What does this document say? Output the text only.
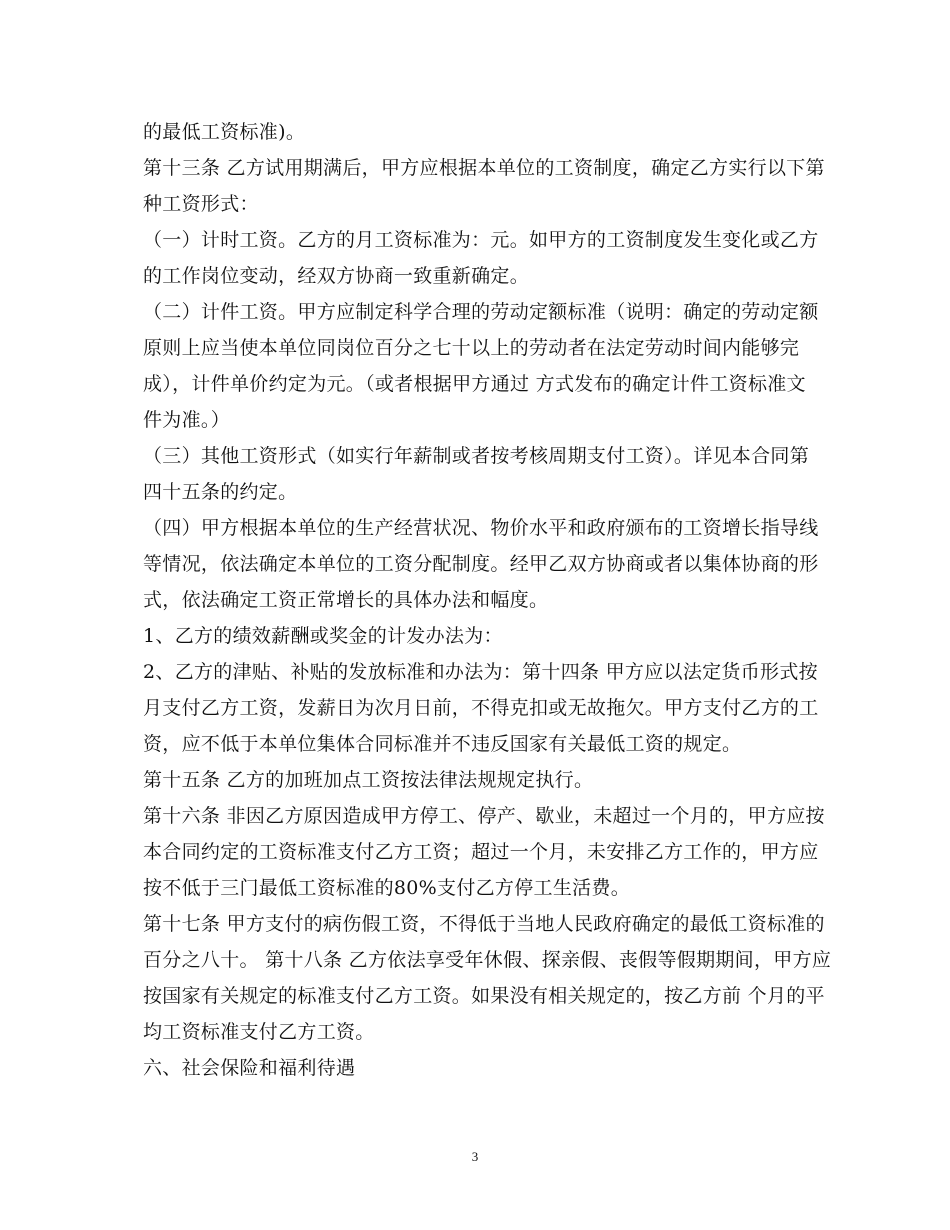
的最低工资标准)。
第十三条 乙方试用期满后，甲方应根据本单位的工资制度，确定乙方实行以下第
种工资形式：
（一）计时工资。乙方的月工资标准为：元。如甲方的工资制度发生变化或乙方
的工作岗位变动，经双方协商一致重新确定。
（二）计件工资。甲方应制定科学合理的劳动定额标准（说明：确定的劳动定额
原则上应当使本单位同岗位百分之七十以上的劳动者在法定劳动时间内能够完
成），计件单价约定为元。（或者根据甲方通过 方式发布的确定计件工资标准文
件为准。）
（三）其他工资形式（如实行年薪制或者按考核周期支付工资）。详见本合同第
四十五条的约定。
（四）甲方根据本单位的生产经营状况、物价水平和政府颁布的工资增长指导线
等情况，依法确定本单位的工资分配制度。经甲乙双方协商或者以集体协商的形
式，依法确定工资正常增长的具体办法和幅度。
1、乙方的绩效薪酬或奖金的计发办法为：
2、乙方的津贴、补贴的发放标准和办法为：第十四条 甲方应以法定货币形式按
月支付乙方工资，发薪日为次月日前，不得克扣或无故拖欠。甲方支付乙方的工
资，应不低于本单位集体合同标准并不违反国家有关最低工资的规定。
第十五条 乙方的加班加点工资按法律法规规定执行。
第十六条 非因乙方原因造成甲方停工、停产、歇业，未超过一个月的，甲方应按
本合同约定的工资标准支付乙方工资；超过一个月，未安排乙方工作的，甲方应
按不低于三门最低工资标准的80%支付乙方停工生活费。
第十七条 甲方支付的病伤假工资，不得低于当地人民政府确定的最低工资标准的
百分之八十。 第十八条 乙方依法享受年休假、探亲假、丧假等假期期间，甲方应
按国家有关规定的标准支付乙方工资。如果没有相关规定的，按乙方前 个月的平
均工资标准支付乙方工资。
六、社会保险和福利待遇
3
